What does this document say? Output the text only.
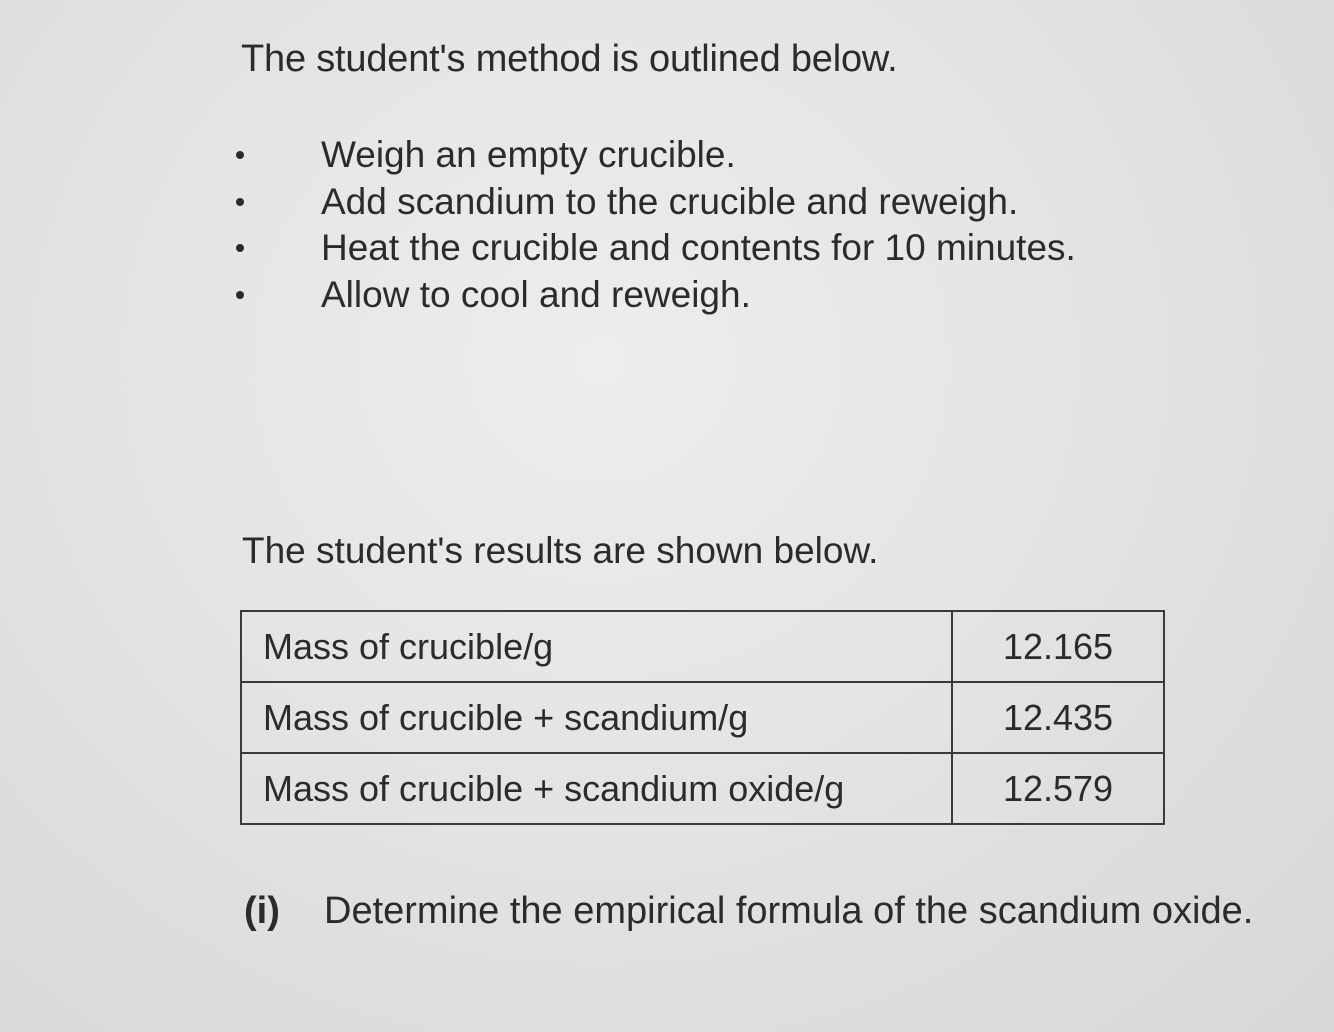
The student's method is outlined below.

Weigh an empty crucible.
Add scandium to the crucible and reweigh.
Heat the crucible and contents for 10 minutes.
Allow to cool and reweigh.

The student's results are shown below.

Mass of crucible/g	12.165
Mass of crucible + scandium/g	12.435
Mass of crucible + scandium oxide/g	12.579
(i) Determine the empirical formula of the scandium oxide.
